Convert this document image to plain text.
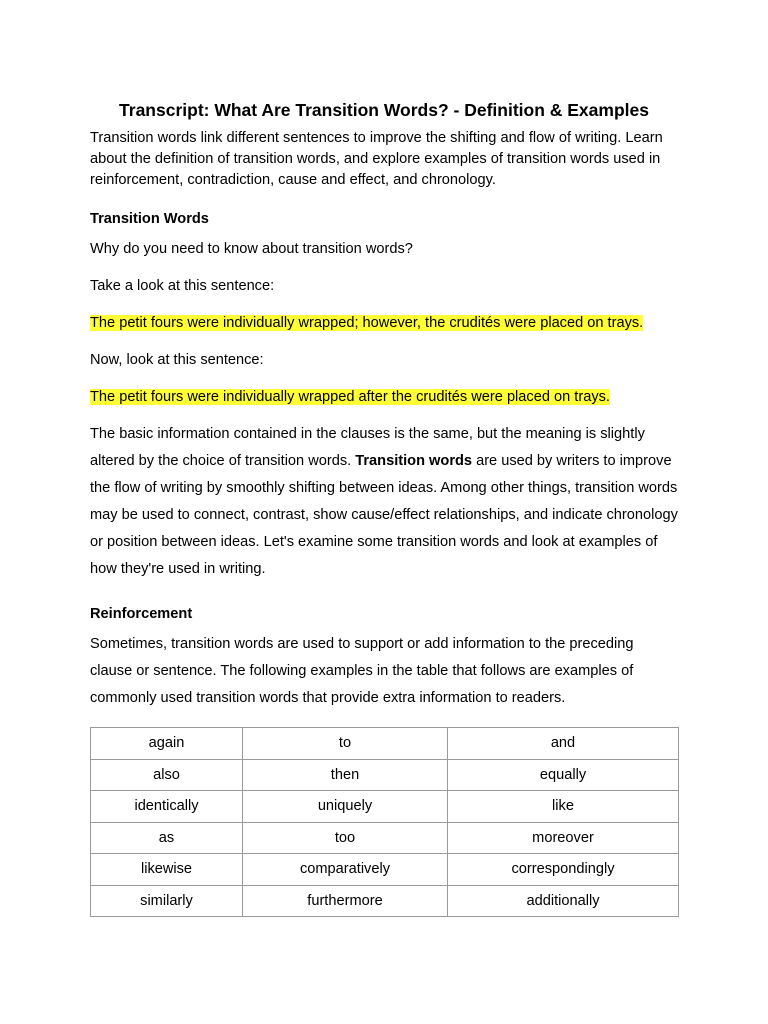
Transcript: What Are Transition Words? - Definition & Examples

Transition words link different sentences to improve the shifting and flow of writing. Learn about the definition of transition words, and explore examples of transition words used in reinforcement, contradiction, cause and effect, and chronology.

Transition Words

Why do you need to know about transition words?

Take a look at this sentence:

The petit fours were individually wrapped; however, the crudités were placed on trays.

Now, look at this sentence:

The petit fours were individually wrapped after the crudités were placed on trays.

The basic information contained in the clauses is the same, but the meaning is slightly altered by the choice of transition words. Transition words are used by writers to improve the flow of writing by smoothly shifting between ideas. Among other things, transition words may be used to connect, contrast, show cause/effect relationships, and indicate chronology or position between ideas. Let's examine some transition words and look at examples of how they're used in writing.

Reinforcement

Sometimes, transition words are used to support or add information to the preceding clause or sentence. The following examples in the table that follows are examples of commonly used transition words that provide extra information to readers.

again	to	and
also	then	equally
identically	uniquely	like
as	too	moreover
likewise	comparatively	correspondingly
similarly	furthermore	additionally
